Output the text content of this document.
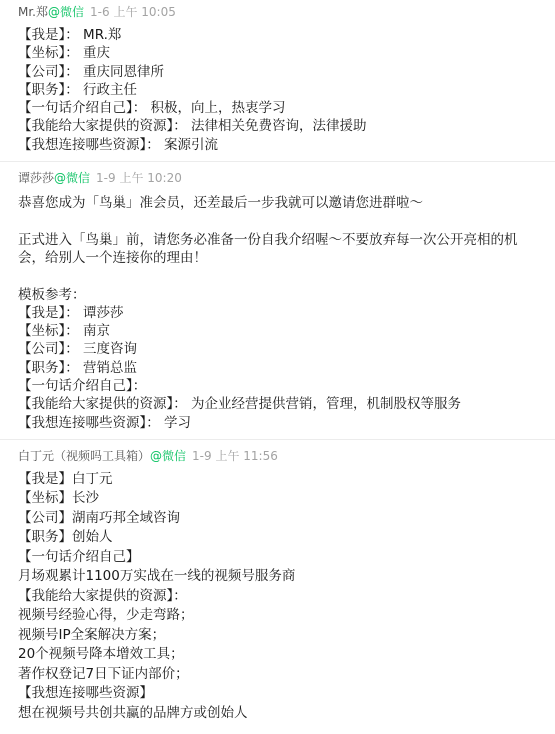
Mr.郑@微信 1-6 上午 10:05
【我是】： MR.郑
【坐标】： 重庆
【公司】： 重庆同恩律所
【职务】： 行政主任
【一句话介绍自己】： 积极，向上，热衷学习
【我能给大家提供的资源】： 法律相关免费咨询，法律援助
【我想连接哪些资源】： 案源引流
谭莎莎@微信 1-9 上午 10:20
恭喜您成为「鸟巢」准会员，还差最后一步我就可以邀请您进群啦～
正式进入「鸟巢」前，请您务必准备一份自我介绍喔～不要放弃每一次公开亮相的机会，给别人一个连接你的理由！
模板参考：
【我是】： 谭莎莎
【坐标】： 南京
【公司】： 三度咨询
【职务】： 营销总监
【一句话介绍自己】：
【我能给大家提供的资源】： 为企业经营提供营销，管理，机制股权等服务
【我想连接哪些资源】： 学习
白丁元（视频吗工具箱）@微信 1-9 上午 11:56
【我是】白丁元
【坐标】长沙
【公司】湖南巧邦全域咨询
【职务】创始人
【一句话介绍自己】
月场观累计1100万实战在一线的视频号服务商
【我能给大家提供的资源】：
视频号经验心得，少走弯路；
视频号IP全案解决方案；
20个视频号降本增效工具；
著作权登记7日下证内部价；
【我想连接哪些资源】
想在视频号共创共赢的品牌方或创始人
